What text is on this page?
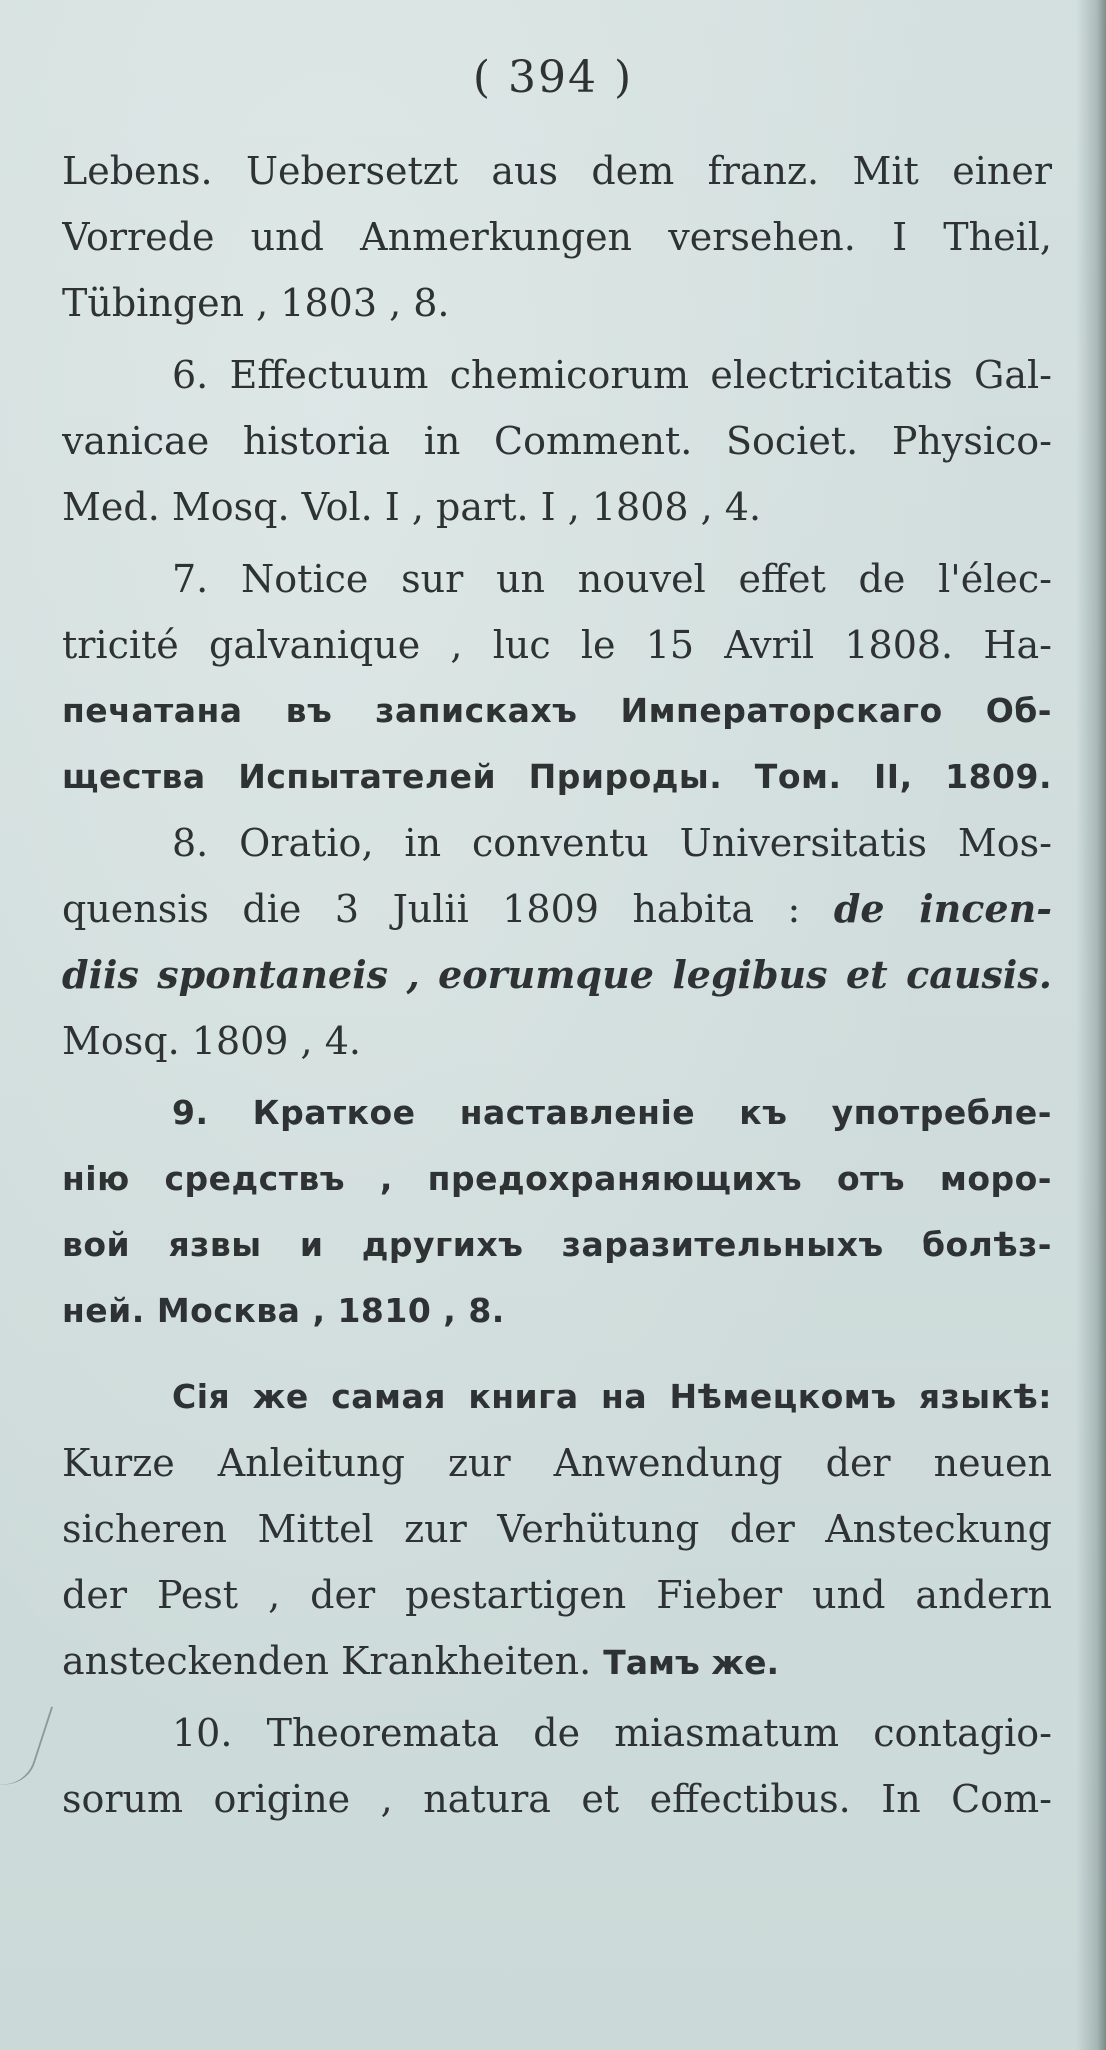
( 394 )
Lebens. Uebersetzt aus dem franz. Mit einer
Vorrede und Anmerkungen versehen. I Theil,
Tübingen , 1803 , 8.
6. Effectuum chemicorum electricitatis Gal-
vanicae historia in Comment. Societ. Physico-
Med. Mosq. Vol. I , part. I , 1808 , 4.
7. Notice sur un nouvel effet de l'élec-
tricité galvanique , luc le 15 Avril 1808. На-
печатана въ запискахъ Императорскаго Об-
щества Испытателей Природы. Том. II, 1809.
8. Oratio, in conventu Universitatis Mos-
quensis die 3 Julii 1809 habita : de incen-
diis spontaneis , eorumque legibus et causis.
Mosq. 1809 , 4.
9. Краткое наставленіе къ употребле-
нію средствъ , предохраняющихъ отъ моро-
вой язвы и другихъ заразительныхъ болѣз-
ней. Москва , 1810 , 8.
Сія же самая книга на Нѣмецкомъ языкѣ:
Kurze Anleitung zur Anwendung der neuen
sicheren Mittel zur Verhütung der Ansteckung
der Pest , der pestartigen Fieber und andern
ansteckenden Krankheiten. Тамъ же.
10. Theoremata de miasmatum contagio-
sorum origine , natura et effectibus. In Com-
